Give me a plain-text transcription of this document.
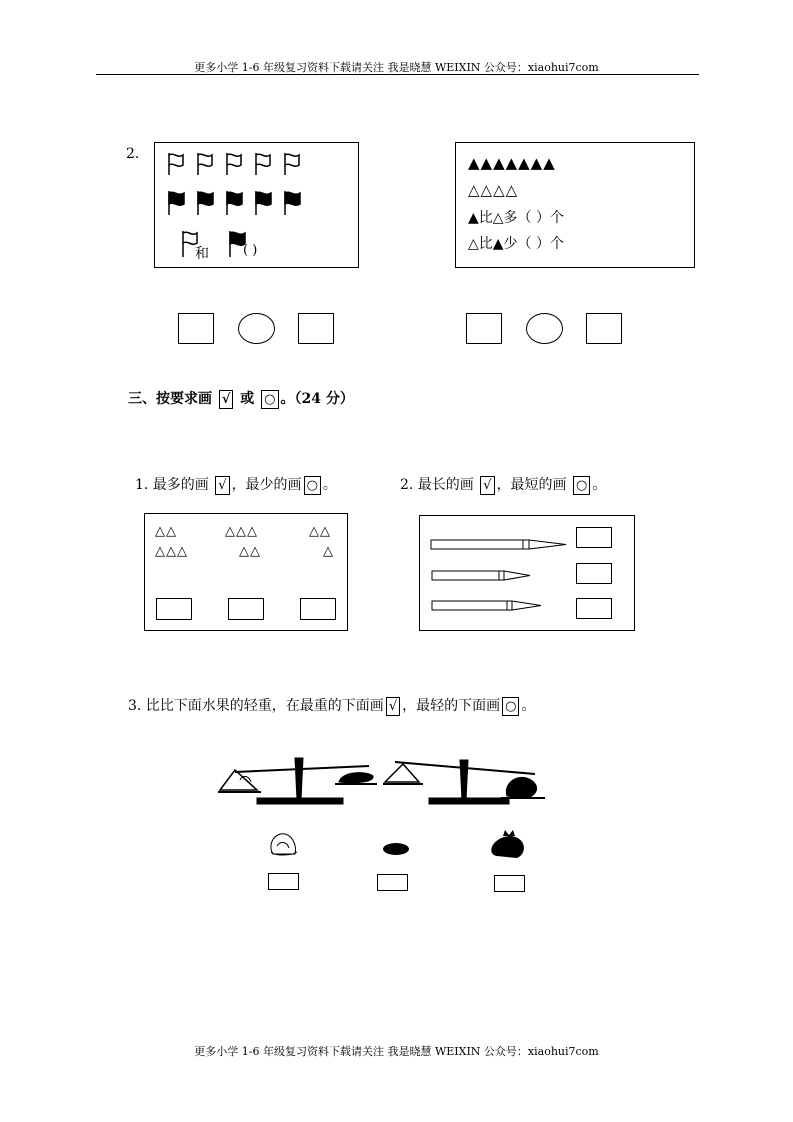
更多小学 1-6 年级复习资料下载请关注 我是晓慧 WEIXIN 公众号：xiaohui7com
2.
和	( )
▲▲▲▲▲▲▲
△△△△
▲比△多（ ）个
△比▲少（ ）个
三、按要求画 √ 或 ○ 。（24 分）
1. 最多的画 √ ，最少的画 ○ 。
△△
△△△
△△△
△△
△△
△
2. 最长的画 √ ，最短的画 ○ 。
3. 比比下面水果的轻重，在最重的下面画 √ ，最轻的下面画 ○ 。
更多小学 1-6 年级复习资料下载请关注 我是晓慧 WEIXIN 公众号：xiaohui7com
